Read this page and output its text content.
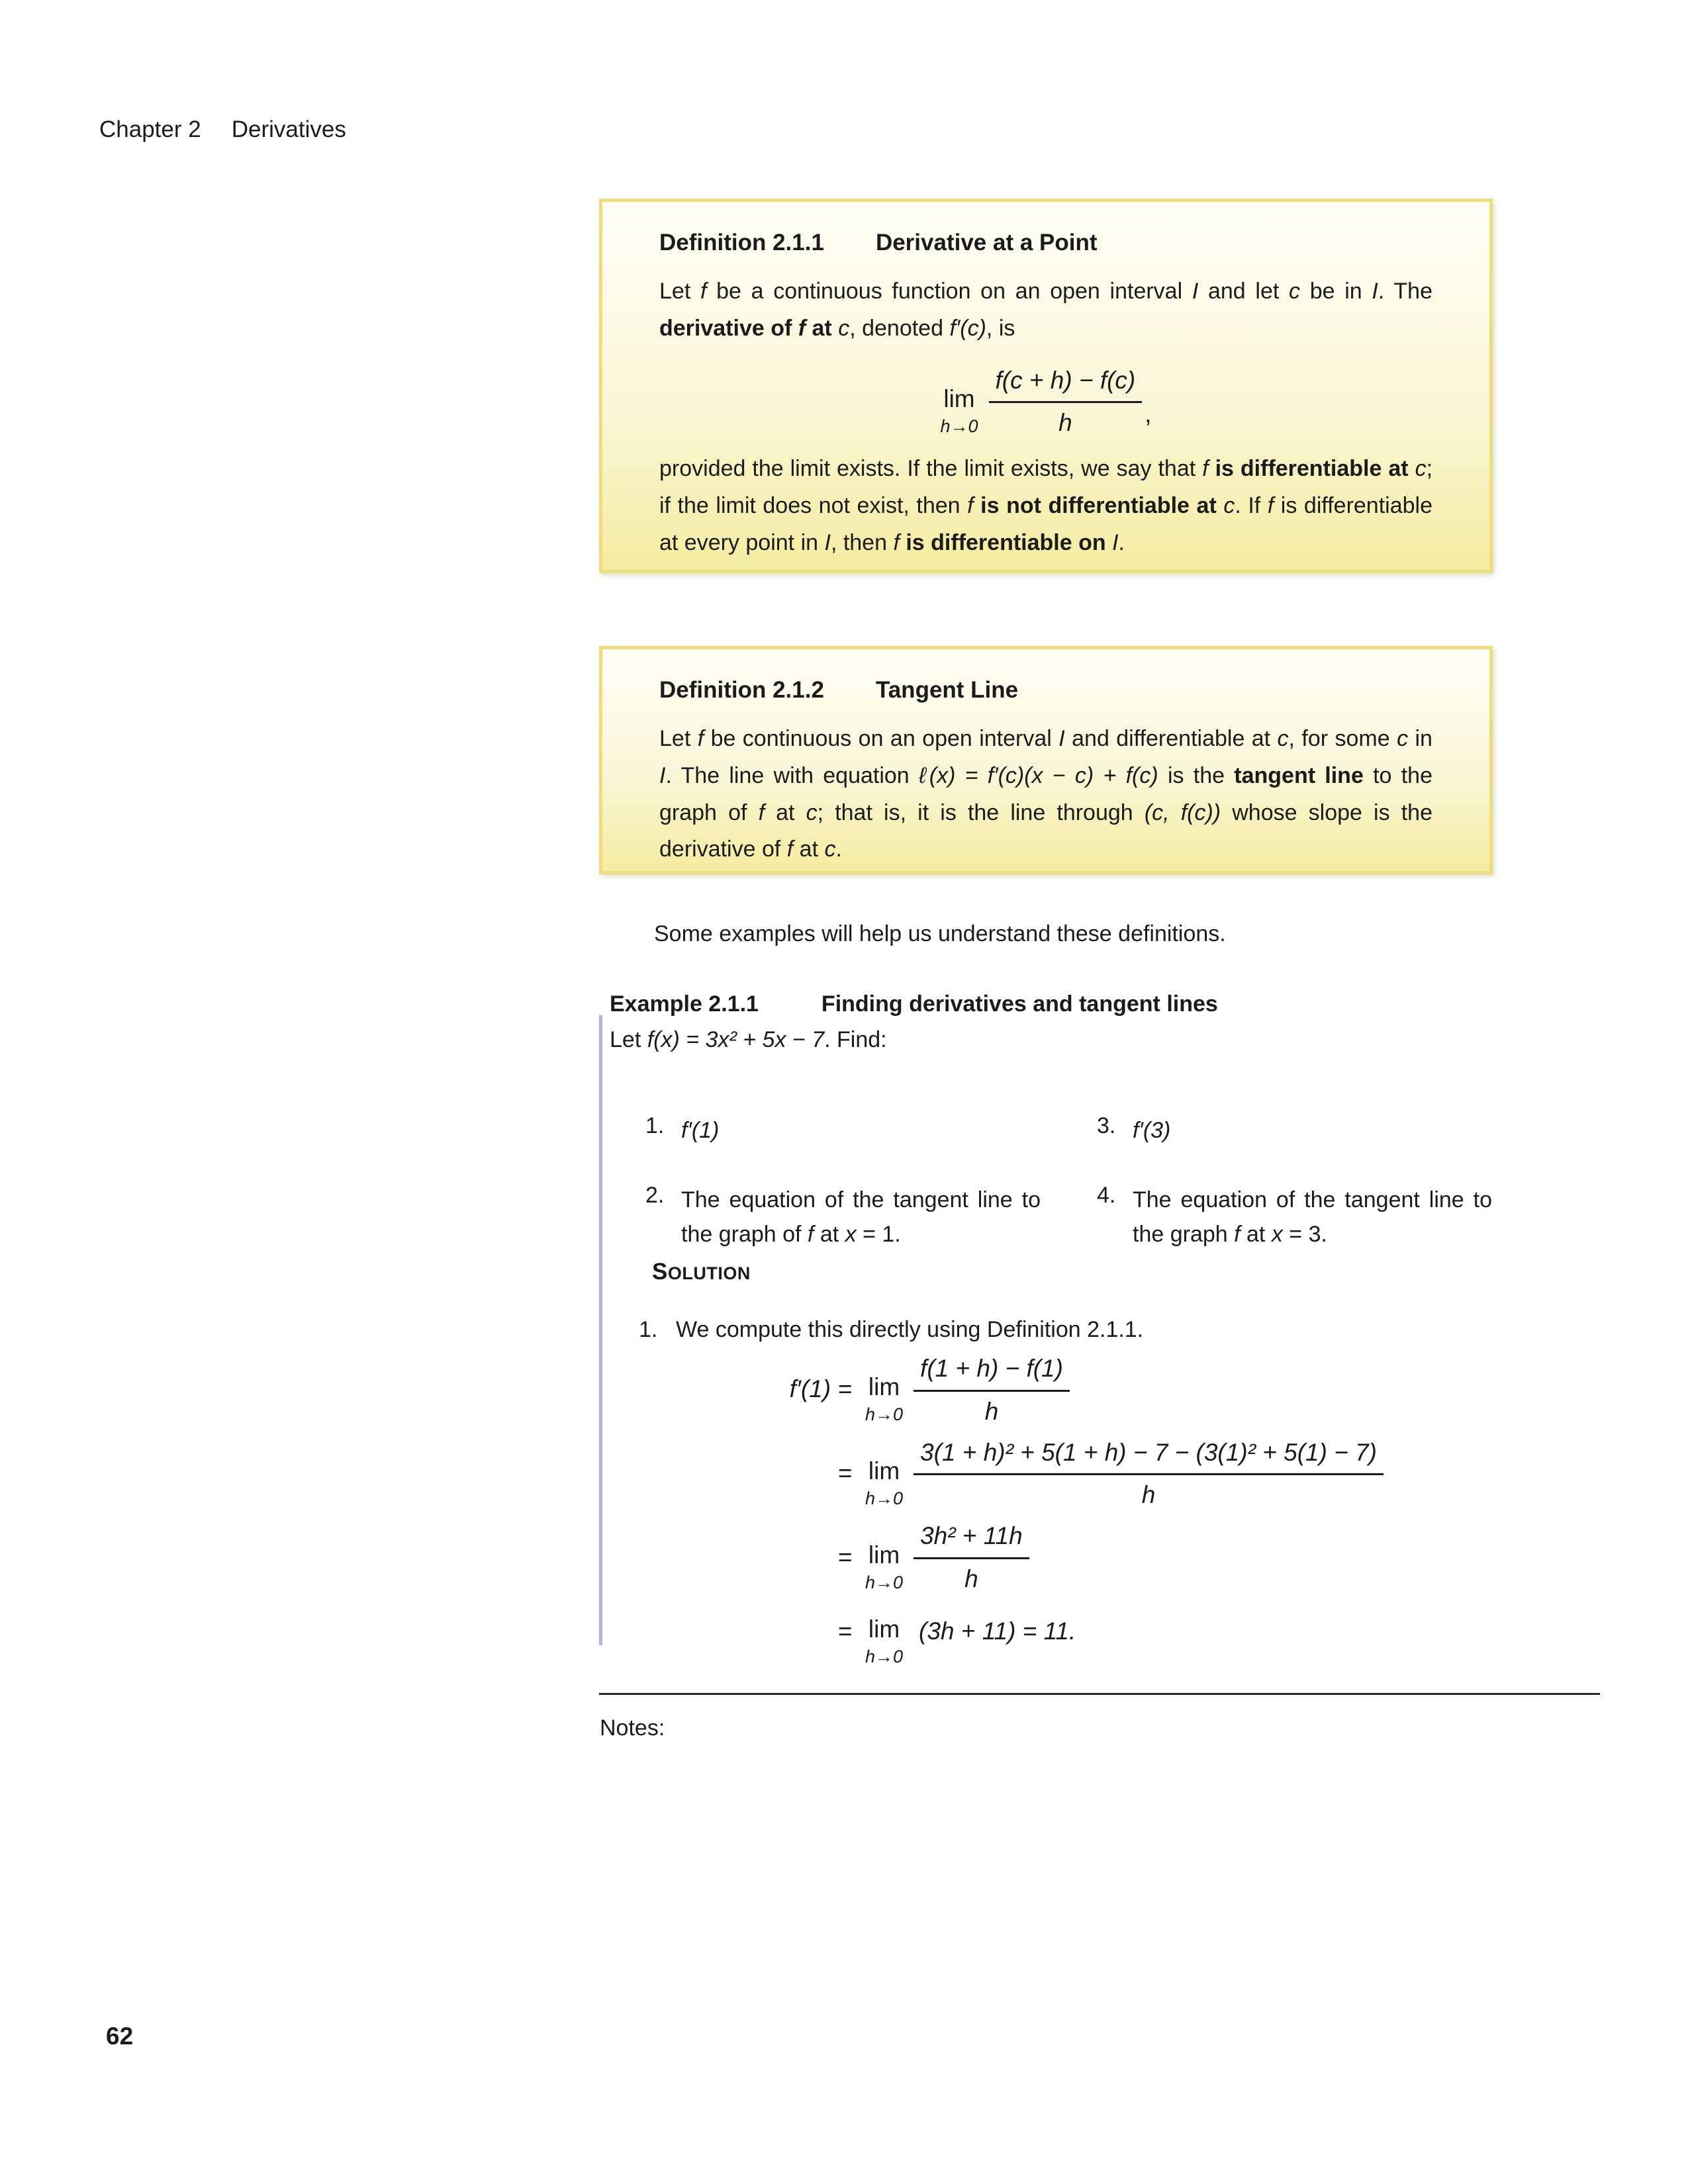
Chapter 2 Derivatives
Definition 2.1.1 Derivative at a Point

Let f be a continuous function on an open interval I and let c be in I. The derivative of f at c, denoted f′(c), is

lim
$h\to 0 \frac{f(c + h) - f(c)}{h}$ ,

provided the limit exists. If the limit exists, we say that f is differentiable at c; if the limit does not exist, then f is not differentiable at c. If f is differentiable at every point in I, then f is differentiable on I.

Definition 2.1.2 Tangent Line

Let f be continuous on an open interval I and differentiable at c, for some c in I. The line with equation ℓ(x) = f′(c)(x − c) + f(c) is the tangent line to the graph of f at c; that is, it is the line through (c, f(c)) whose slope is the derivative of f at c.

Some examples will help us understand these definitions.

Example 2.1.1	Finding derivatives and tangent lines

Let f(x) = 3x² + 5x − 7. Find:

1. f′(1)	3. f′(3)
2. The equation of the tangent line to the graph of f at x = 1.
4. The equation of the tangent line to the graph f at x = 3.
SOLUTION
1. We compute this directly using Definition 2.1.1.
f′(1) = lim
$h\to 0 \frac{f(1 + h) - f(1)}{h}$
= lim
$h\to 0 \frac{\text{3(1 + h)² + 5(1 + h) − 7 − (3(1)² + 5(1) − 7)}}{h}$
= lim
$h\to 0 \frac{\text{3h² + 11h}}{h}$
= lim
h→0
(3h + 11) = 11.

Notes:

62
